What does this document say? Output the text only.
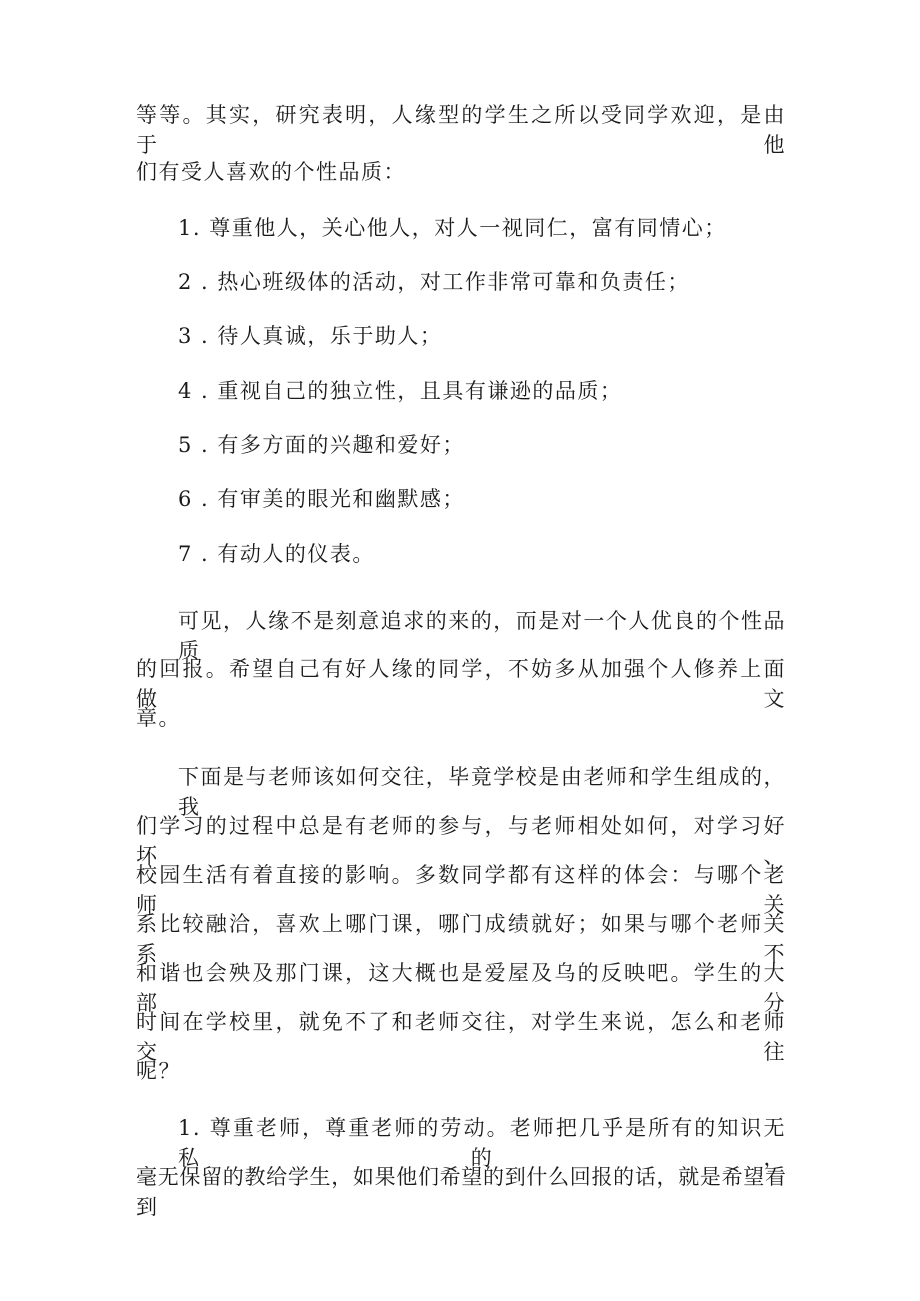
等等。其实，研究表明，人缘型的学生之所以受同学欢迎，是由于他
们有受人喜欢的个性品质：
1. 尊重他人，关心他人，对人一视同仁，富有同情心；
2 . 热心班级体的活动，对工作非常可靠和负责任；
3 . 待人真诚，乐于助人；
4 . 重视自己的独立性，且具有谦逊的品质；
5 . 有多方面的兴趣和爱好；
6 . 有审美的眼光和幽默感；
7 . 有动人的仪表。
可见，人缘不是刻意追求的来的，而是对一个人优良的个性品质
的回报。希望自己有好人缘的同学，不妨多从加强个人修养上面做文
章。
下面是与老师该如何交往，毕竟学校是由老师和学生组成的，我
们学习的过程中总是有老师的参与，与老师相处如何，对学习好坏、
校园生活有着直接的影响。多数同学都有这样的体会：与哪个老师关
系比较融洽，喜欢上哪门课，哪门成绩就好；如果与哪个老师关系不
和谐也会殃及那门课，这大概也是爱屋及乌的反映吧。学生的大部分
时间在学校里，就免不了和老师交往，对学生来说，怎么和老师交往
呢？
1. 尊重老师，尊重老师的劳动。老师把几乎是所有的知识无私的，
毫无保留的教给学生，如果他们希望的到什么回报的话，就是希望看到
